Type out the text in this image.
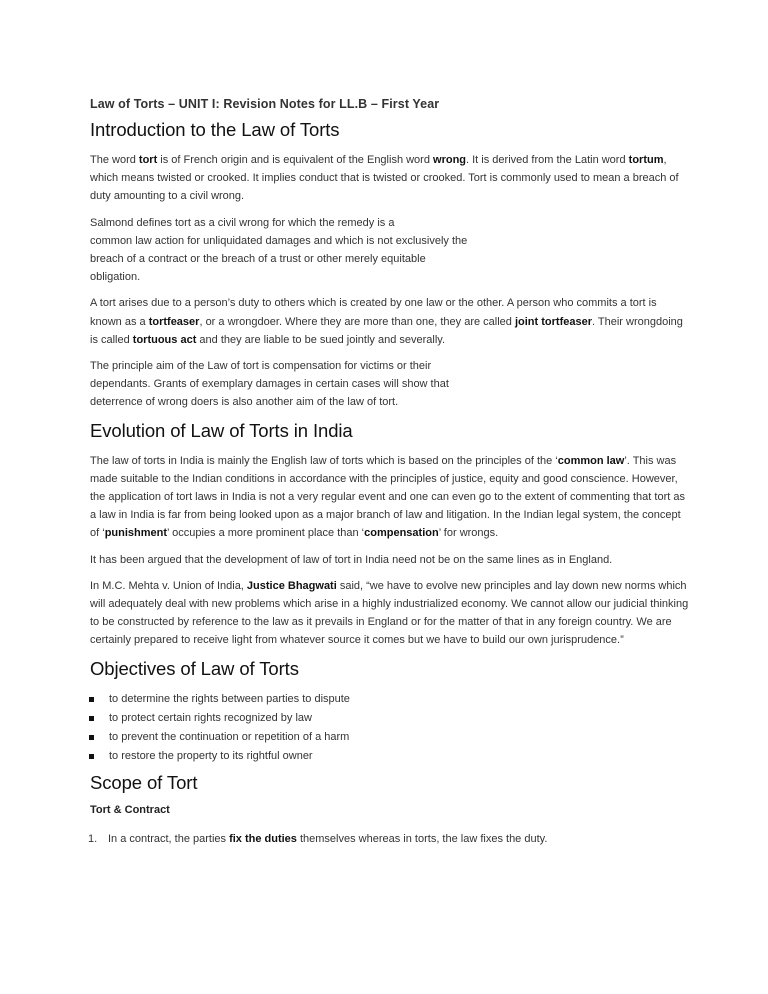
Law of Torts – UNIT I: Revision Notes for LL.B – First Year
Introduction to the Law of Torts

The word tort is of French origin and is equivalent of the English word wrong. It is derived from the Latin word tortum, which means twisted or crooked. It implies conduct that is twisted or crooked. Tort is commonly used to mean a breach of duty amounting to a civil wrong.

Salmond defines tort as a civil wrong for which the remedy is a
common law action for unliquidated damages and which is not exclusively the
breach of a contract or the breach of a trust or other merely equitable
obligation.

A tort arises due to a person’s duty to others which is created by one law or the other. A person who commits a tort is known as a tortfeaser, or a wrongdoer. Where they are more than one, they are called joint tortfeaser. Their wrongdoing is called tortuous act and they are liable to be sued jointly and severally.

The principle aim of the Law of tort is compensation for victims or their
dependants. Grants of exemplary damages in certain cases will show that
deterrence of wrong doers is also another aim of the law of tort.

Evolution of Law of Torts in India

The law of torts in India is mainly the English law of torts which is based on the principles of the ‘common law’. This was made suitable to the Indian conditions in accordance with the principles of justice, equity and good conscience. However, the application of tort laws in India is not a very regular event and one can even go to the extent of commenting that tort as a law in India is far from being looked upon as a major branch of law and litigation. In the Indian legal system, the concept of ‘punishment’ occupies a more prominent place than ‘compensation’ for wrongs.

It has been argued that the development of law of tort in India need not be on the same lines as in England.

In M.C. Mehta v. Union of India, Justice Bhagwati said, “we have to evolve new principles and lay down new norms which will adequately deal with new problems which arise in a highly industrialized economy. We cannot allow our judicial thinking to be constructed by reference to the law as it prevails in England or for the matter of that in any foreign country. We are certainly prepared to receive light from whatever source it comes but we have to build our own jurisprudence.”

Objectives of Law of Torts
to determine the rights between parties to dispute
to protect certain rights recognized by law
to prevent the continuation or repetition of a harm
to restore the property to its rightful owner
Scope of Tort
Tort & Contract
1. In a contract, the parties fix the duties themselves whereas in torts, the law fixes the duty.
